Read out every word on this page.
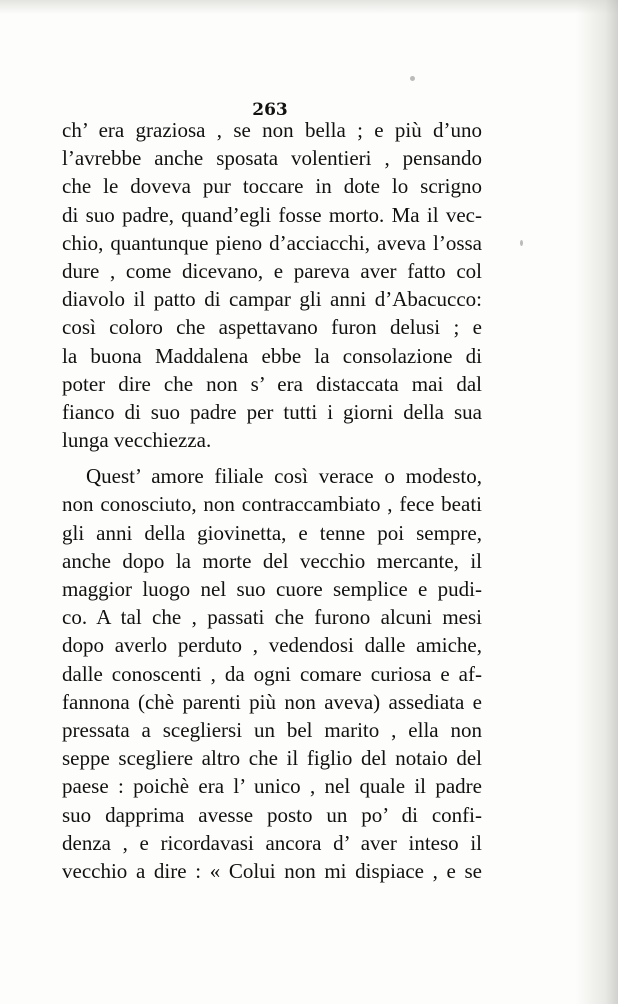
263
ch’ era graziosa , se non bella ; e più d’uno
l’avrebbe anche sposata volentieri , pensando
che le doveva pur toccare in dote lo scrigno
di suo padre, quand’egli fosse morto. Ma il vec-
chio, quantunque pieno d’acciacchi, aveva l’ossa
dure , come dicevano, e pareva aver fatto col
diavolo il patto di campar gli anni d’Abacucco:
così coloro che aspettavano furon delusi ; e
la buona Maddalena ebbe la consolazione di
poter dire che non s’ era distaccata mai dal
fianco di suo padre per tutti i giorni della sua
lunga vecchiezza.
Quest’ amore filiale così verace o modesto,
non conosciuto, non contraccambiato , fece beati
gli anni della giovinetta, e tenne poi sempre,
anche dopo la morte del vecchio mercante, il
maggior luogo nel suo cuore semplice e pudi-
co. A tal che , passati che furono alcuni mesi
dopo averlo perduto , vedendosi dalle amiche,
dalle conoscenti , da ogni comare curiosa e af-
fannona (chè parenti più non aveva) assediata e
pressata a scegliersi un bel marito , ella non
seppe scegliere altro che il figlio del notaio del
paese : poichè era l’ unico , nel quale il padre
suo dapprima avesse posto un po’ di confi-
denza , e ricordavasi ancora d’ aver inteso il
vecchio a dire : « Colui non mi dispiace , e se
